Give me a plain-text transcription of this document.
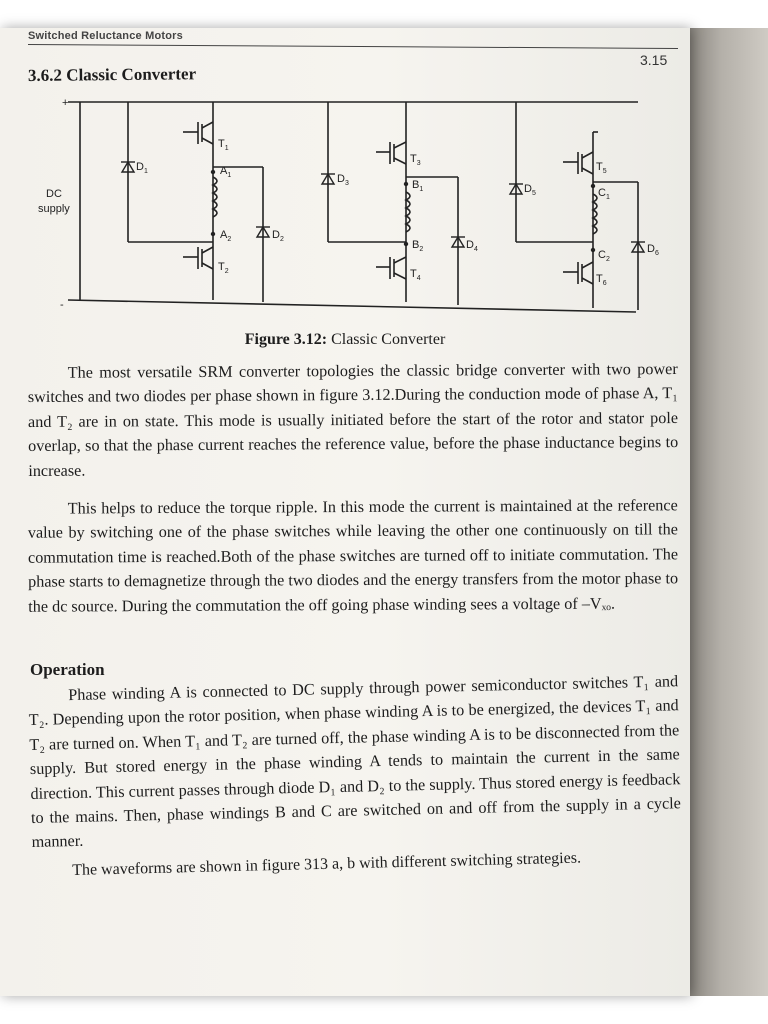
Switched Reluctance Motors
3.15
3.6.2 Classic Converter
+
-
DC
supply
$T_1$
$T_2$
$T_3$
$T_4$
$T_5$
$T_6$
$D_1$
$D_2$
$D_3$
$D_4$
$D_5$
$D_6$
$A_1$
$A_2$
$B_1$
$B_2$
$C_1$
$C_2$
Figure 3.12: Classic Converter

The most versatile SRM converter topologies the classic bridge converter with two power switches and two diodes per phase shown in figure 3.12.During the conduction mode of phase A, T₁ and T₂ are in on state. This mode is usually initiated before the start of the rotor and stator pole overlap, so that the phase current reaches the reference value, before the phase inductance begins to increase.

This helps to reduce the torque ripple. In this mode the current is maintained at the reference value by switching one of the phase switches while leaving the other one continuously on till the commutation time is reached.Both of the phase switches are turned off to initiate commutation. The phase starts to demagnetize through the two diodes and the energy transfers from the motor phase to the dc source. During the commutation the off going phase winding sees a voltage of –Vₓₒ.

Operation

Phase winding A is connected to DC supply through power semiconductor switches T₁ and T₂. Depending upon the rotor position, when phase winding A is to be energized, the devices T₁ and T₂ are turned on. When T₁ and T₂ are turned off, the phase winding A is to be disconnected from the supply. But stored energy in the phase winding A tends to maintain the current in the same direction. This current passes through diode D₁ and D₂ to the supply. Thus stored energy is feedback to the mains. Then, phase windings B and C are switched on and off from the supply in a cycle manner.

The waveforms are shown in figure 313 a, b with different switching strategies.
